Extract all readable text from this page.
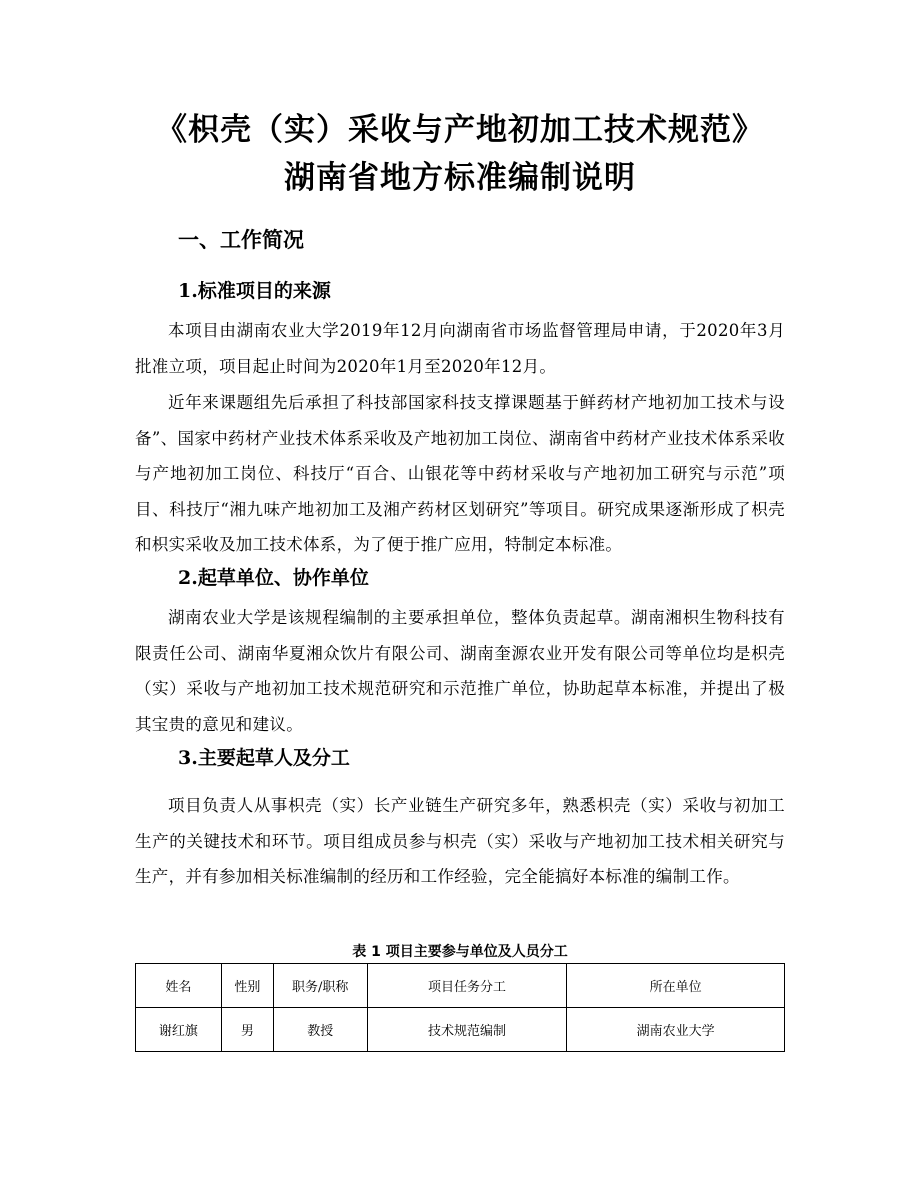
《枳壳（实）采收与产地初加工技术规范》
湖南省地方标准编制说明
一、工作简况
1.标准项目的来源
本项目由湖南农业大学2019年12月向湖南省市场监督管理局申请，于2020年3月批准立项，项目起止时间为2020年1月至2020年12月。
近年来课题组先后承担了科技部国家科技支撑课题基于鲜药材产地初加工技术与设备”、国家中药材产业技术体系采收及产地初加工岗位、湖南省中药材产业技术体系采收与产地初加工岗位、科技厅“百合、山银花等中药材采收与产地初加工研究与示范”项目、科技厅“湘九味产地初加工及湘产药材区划研究”等项目。研究成果逐渐形成了枳壳和枳实采收及加工技术体系，为了便于推广应用，特制定本标准。
2.起草单位、协作单位
湖南农业大学是该规程编制的主要承担单位，整体负责起草。湖南湘枳生物科技有限责任公司、湖南华夏湘众饮片有限公司、湖南奎源农业开发有限公司等单位均是枳壳（实）采收与产地初加工技术规范研究和示范推广单位，协助起草本标准，并提出了极其宝贵的意见和建议。
3.主要起草人及分工
项目负责人从事枳壳（实）长产业链生产研究多年，熟悉枳壳（实）采收与初加工生产的关键技术和环节。项目组成员参与枳壳（实）采收与产地初加工技术相关研究与生产，并有参加相关标准编制的经历和工作经验，完全能搞好本标准的编制工作。
表 1 项目主要参与单位及人员分工
姓名	性别	职务/职称	项目任务分工	所在单位
谢红旗	男	教授	技术规范编制	湖南农业大学
